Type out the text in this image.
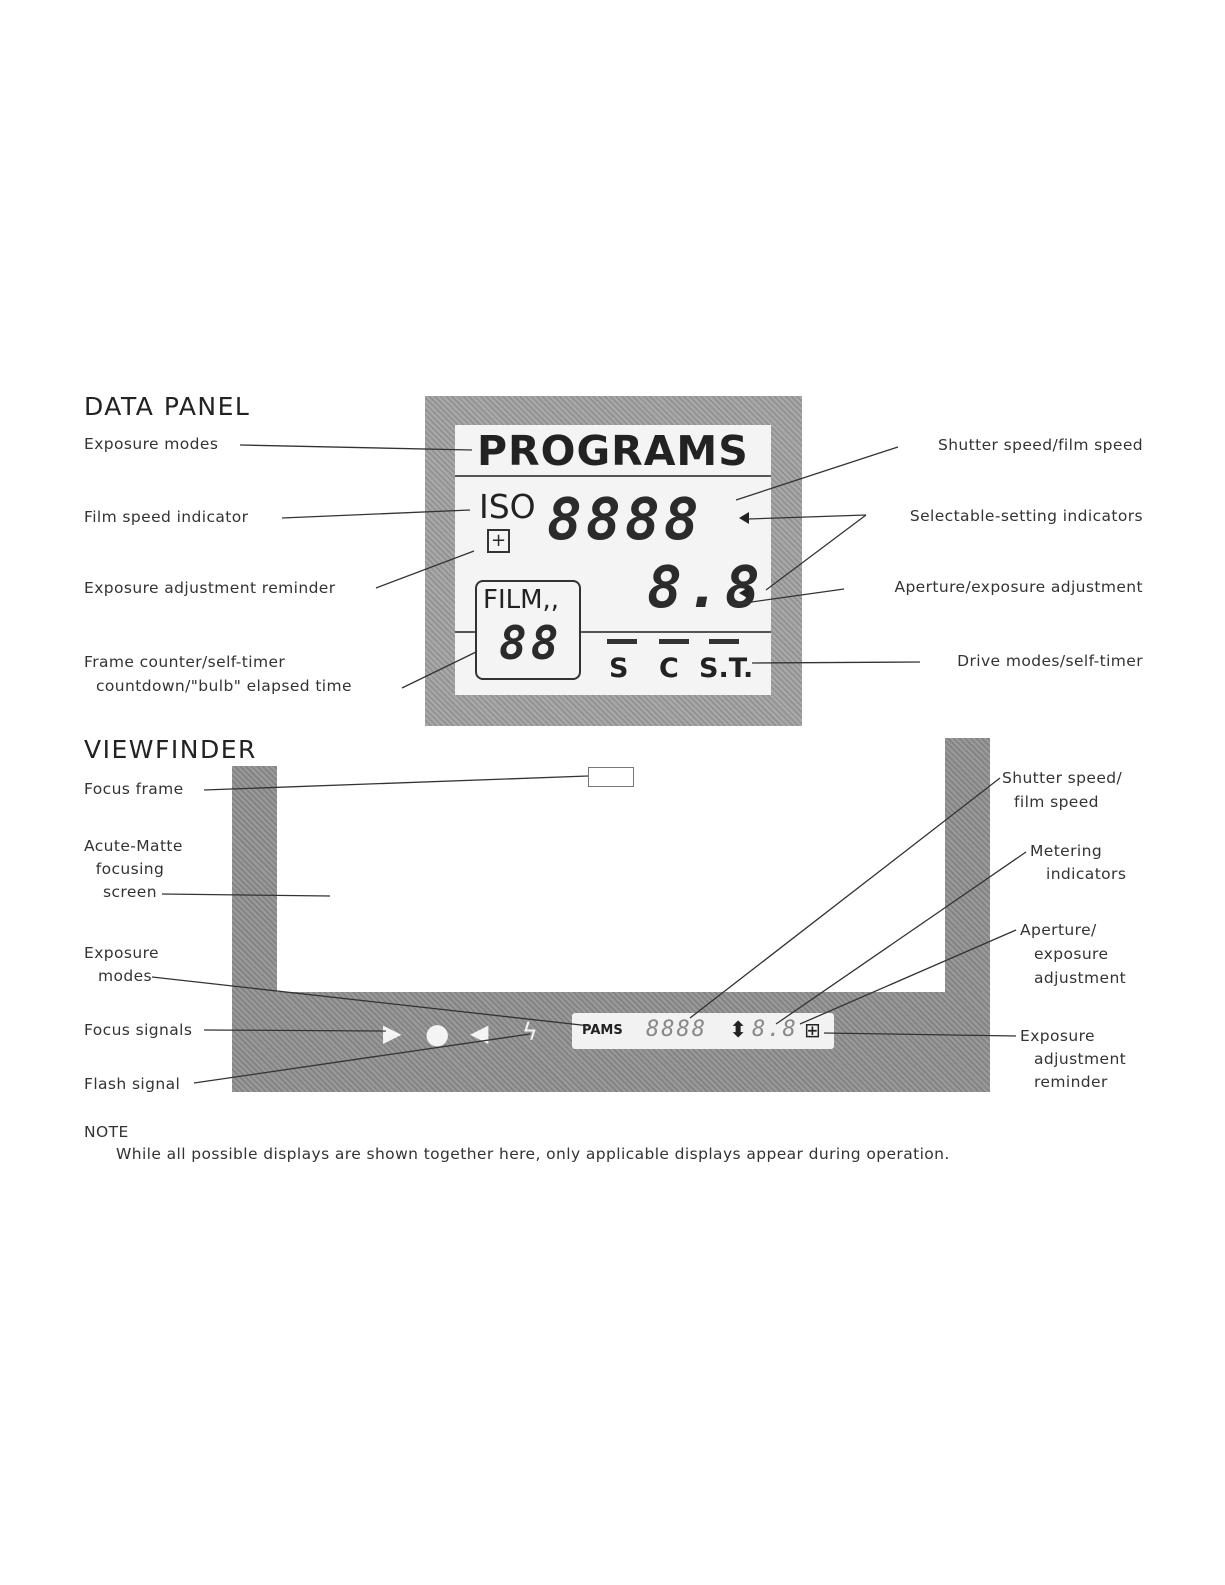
DATA PANEL
PROGRAMS
ISO 8888
+
8.8
FILM,,
88 S C S.T.
Exposure modes
Film speed indicator
Exposure adjustment reminder
Frame counter/self-timer
countdown/"bulb" elapsed time
Shutter speed/film speed
Selectable-setting indicators
Aperture/exposure adjustment
Drive modes/self-timer
VIEWFINDER
▶ ● ◀ ϟ	PAMS 8888 ⬍ 8.8 ⊞
Focus frame
Acute-Matte
focusing
screen
Exposure
modes
Focus signals
Flash signal
Shutter speed/
film speed
Metering
indicators
Aperture/
exposure
adjustment
Exposure
adjustment
reminder
NOTE
While all possible displays are shown together here, only applicable displays appear during operation.
